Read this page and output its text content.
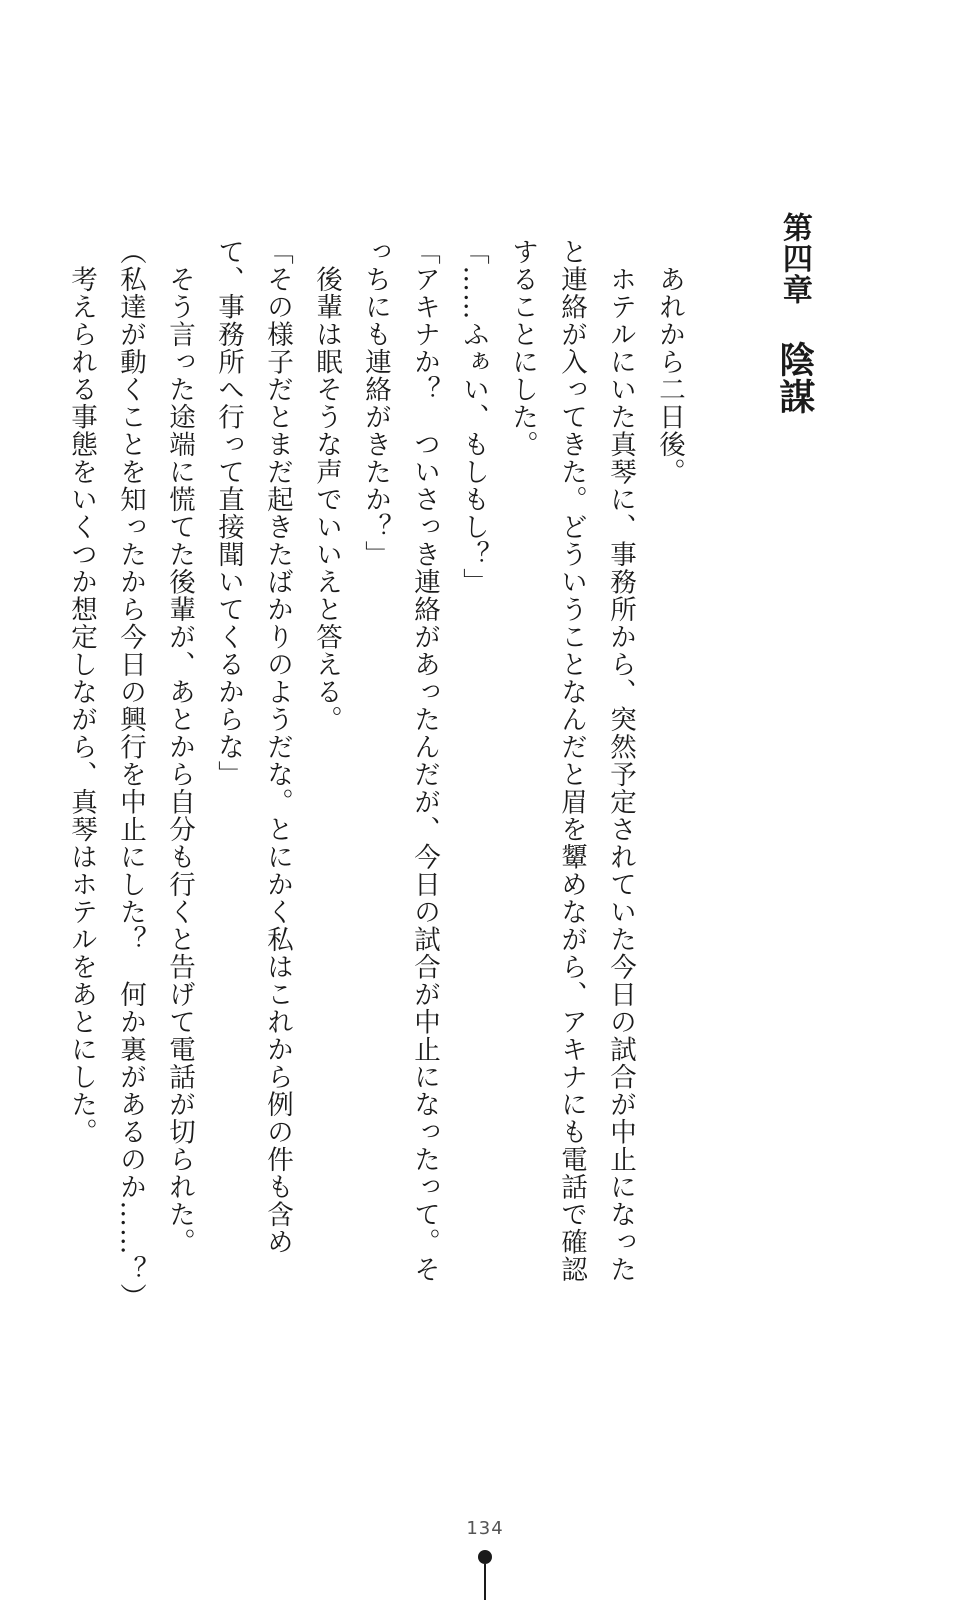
第四章陰謀

　あれから二日後。

　ホテルにいた真琴に、事務所から、突然予定されていた今日の試合が中止になったと連絡が入ってきた。どういうことなんだと眉を顰めながら、アキナにも電話で確認することにした。

「……ふぁい、もしもし？」

「アキナか？　ついさっき連絡があったんだが、今日の試合が中止になったって。そっちにも連絡がきたか？」

　後輩は眠そうな声でいいえと答える。

「その様子だとまだ起きたばかりのようだな。とにかく私はこれから例の件も含めて、事務所へ行って直接聞いてくるからな」

　そう言った途端に慌てた後輩が、あとから自分も行くと告げて電話が切られた。

（私達が動くことを知ったから今日の興行を中止にした？　何か裏があるのか……？）

　考えられる事態をいくつか想定しながら、真琴はホテルをあとにした。

134
